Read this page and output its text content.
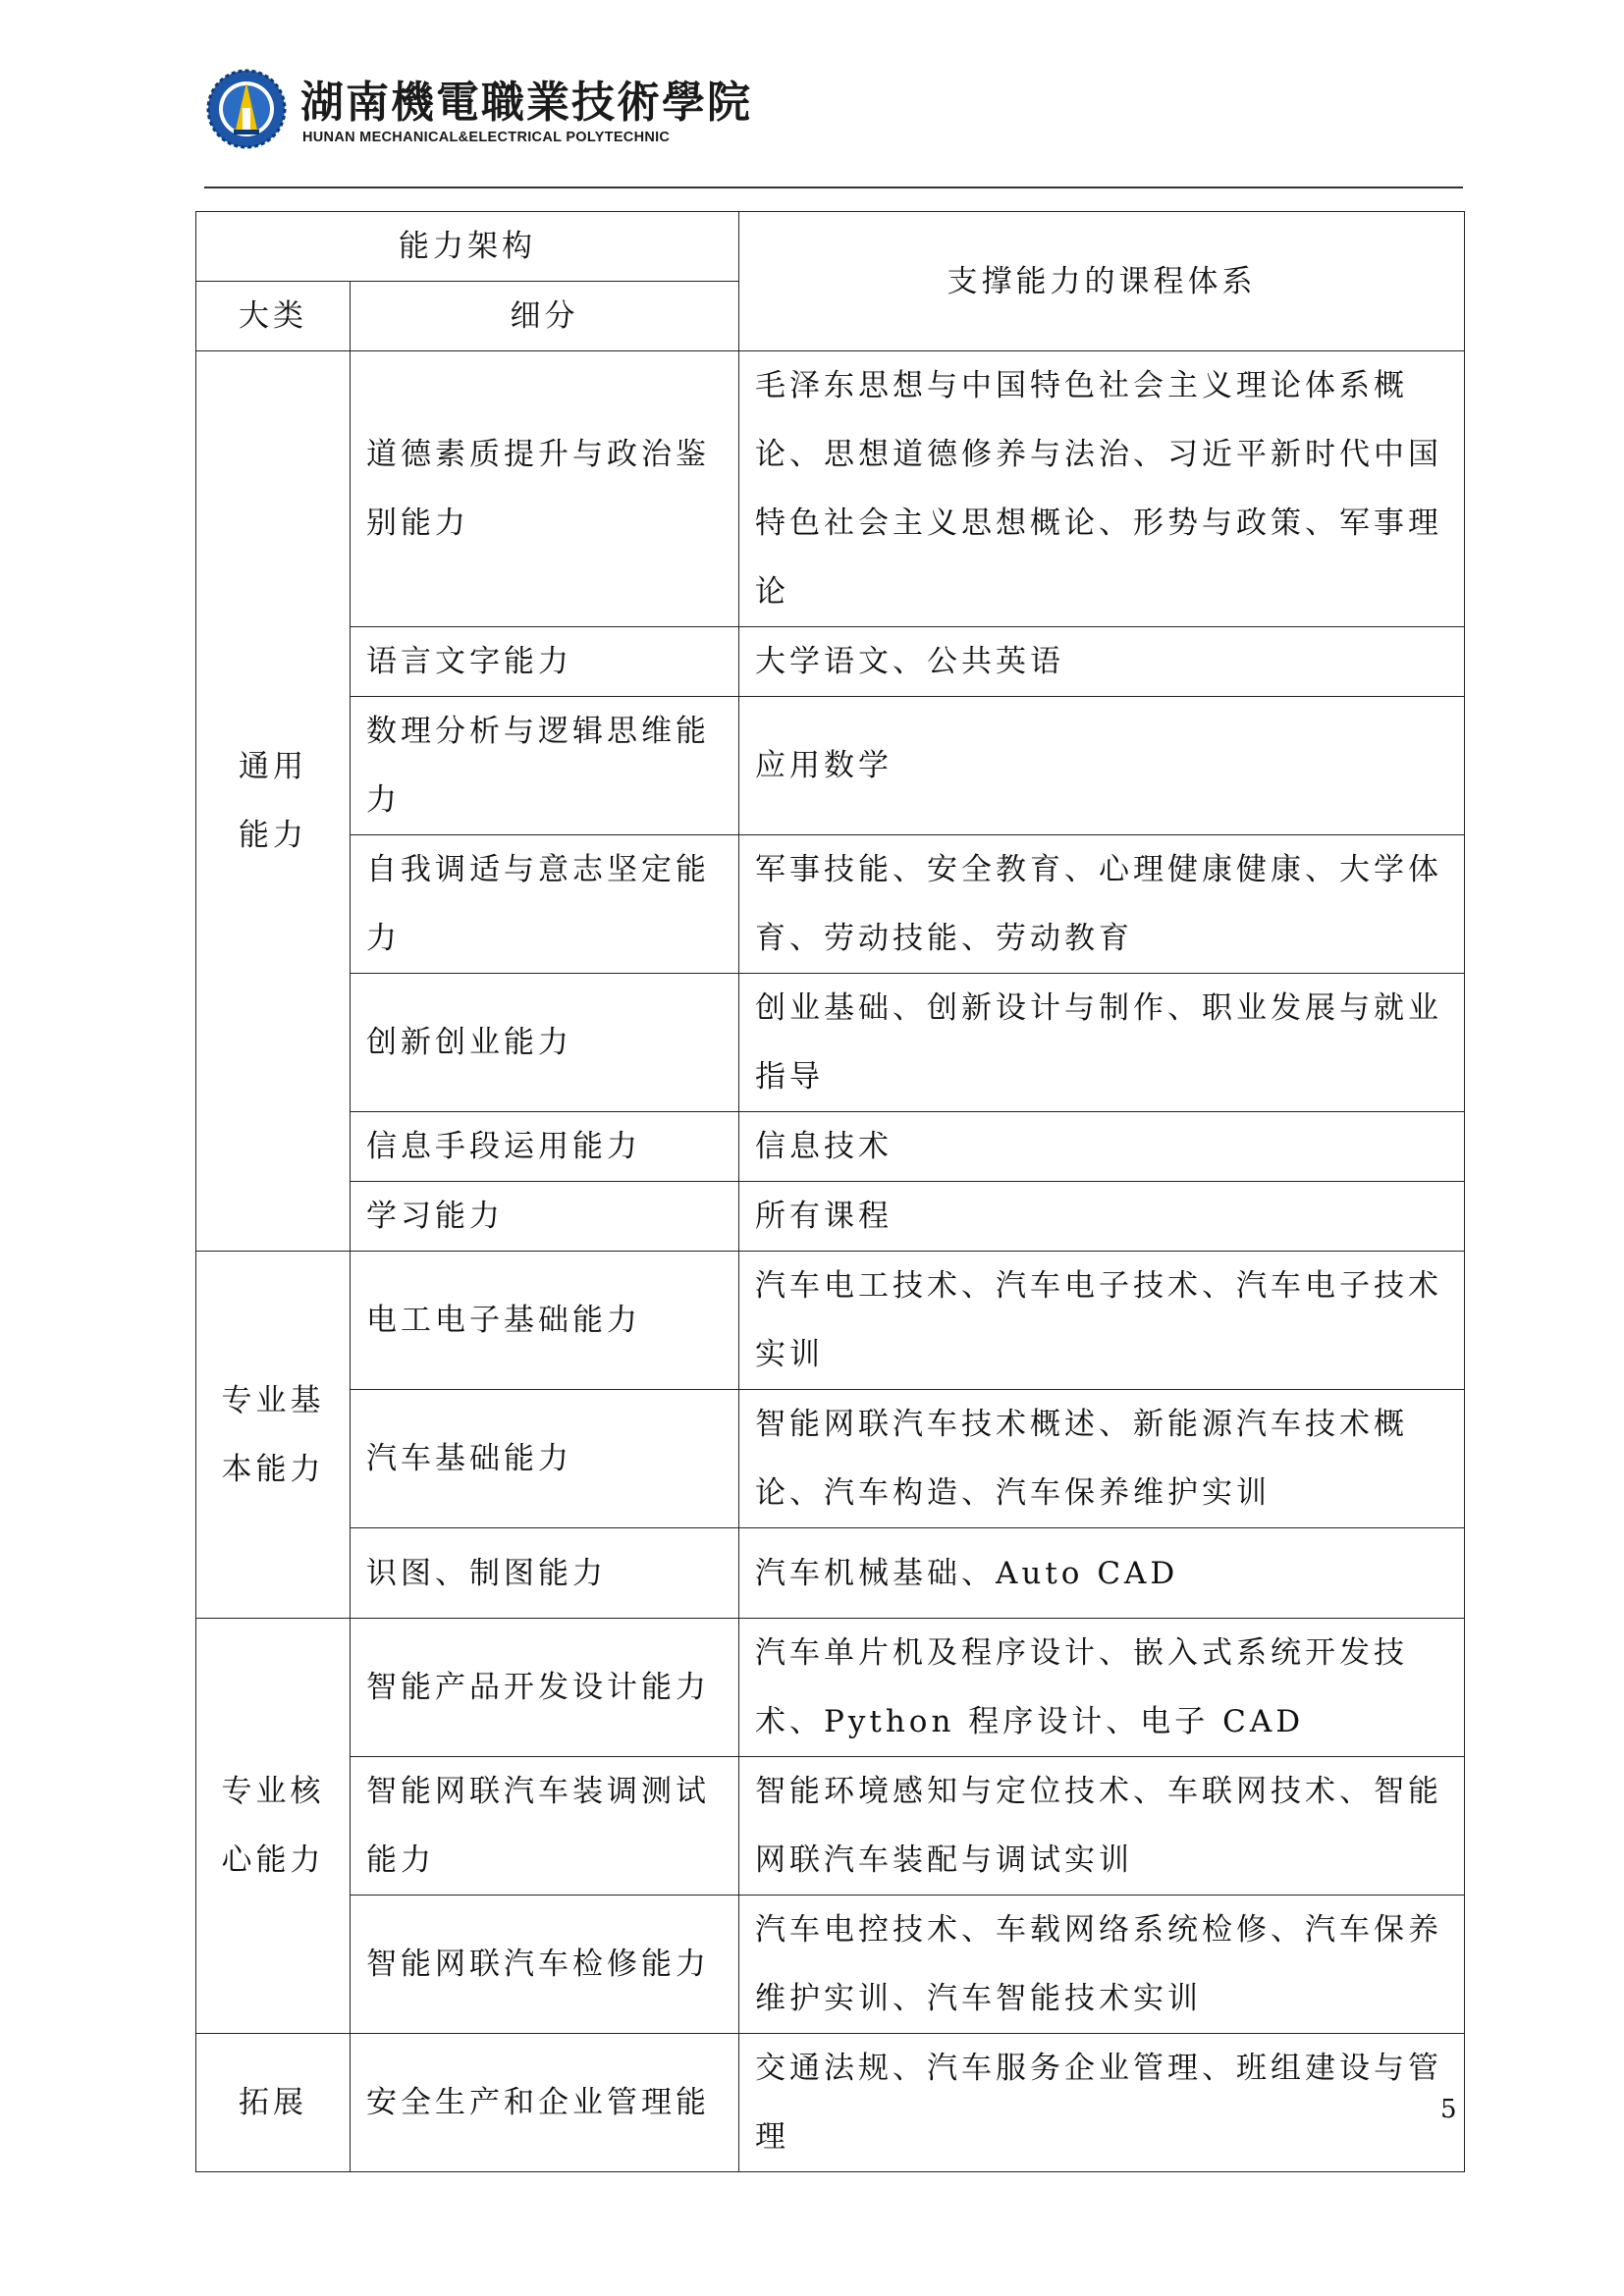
湖南機電職業技術學院
HUNAN MECHANICAL&ELECTRICAL POLYTECHNIC
能力架构		支撑能力的课程体系
大类	细分	

通用能力	道德素质提升与政治鉴别能力	毛泽东思想与中国特色社会主义理论体系概论、思想道德修养与法治、习近平新时代中国特色社会主义思想概论、形势与政策、军事理论
	语言文字能力	大学语文、公共英语
	数理分析与逻辑思维能力	应用数学
	自我调适与意志坚定能力	军事技能、安全教育、心理健康健康、大学体育、劳动技能、劳动教育
	创新创业能力	创业基础、创新设计与制作、职业发展与就业指导
	信息手段运用能力	信息技术
	学习能力	所有课程

专业基本能力	电工电子基础能力	汽车电工技术、汽车电子技术、汽车电子技术实训
	汽车基础能力	智能网联汽车技术概述、新能源汽车技术概论、汽车构造、汽车保养维护实训
	识图、制图能力	汽车机械基础、Auto CAD

专业核心能力	智能产品开发设计能力	汽车单片机及程序设计、嵌入式系统开发技术、Python 程序设计、电子 CAD
	智能网联汽车装调测试能力	智能环境感知与定位技术、车联网技术、智能网联汽车装配与调试实训
	智能网联汽车检修能力	汽车电控技术、车载网络系统检修、汽车保养维护实训、汽车智能技术实训
拓展	安全生产和企业管理能	交通法规、汽车服务企业管理、班组建设与管理
5
